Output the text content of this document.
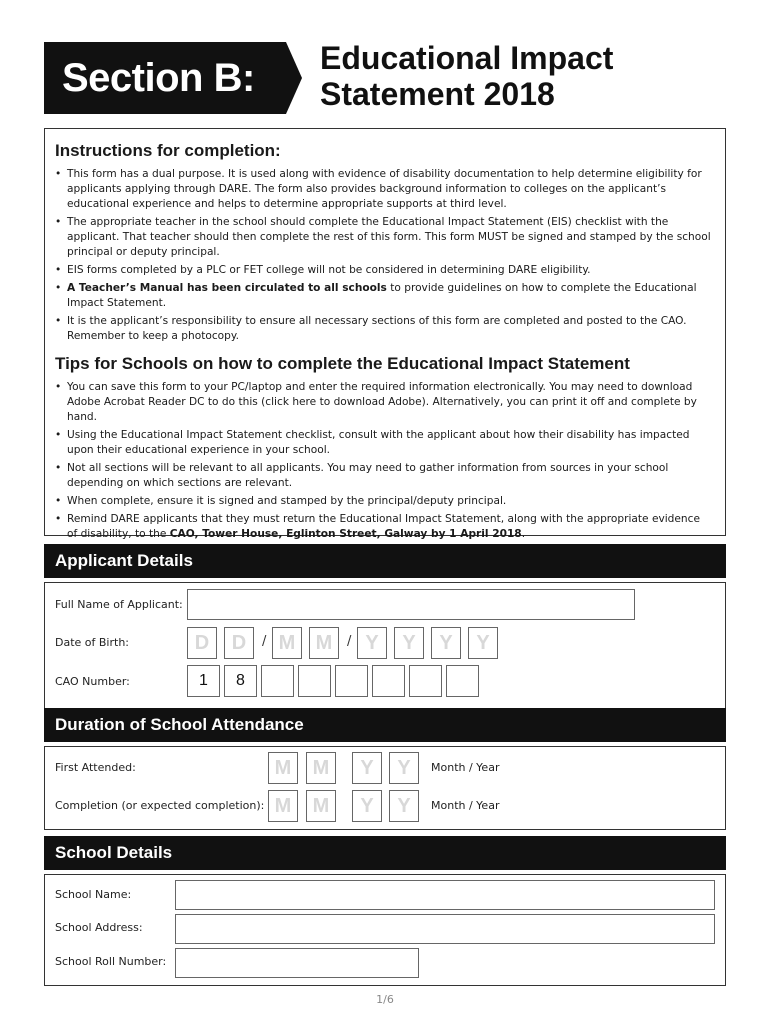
Section B:	Educational Impact
Statement 2018
Instructions for completion:
• This form has a dual purpose. It is used along with evidence of disability documentation to help determine eligibility for applicants applying through DARE. The form also provides background information to colleges on the applicant’s educational experience and helps to determine appropriate supports at third level.
• The appropriate teacher in the school should complete the Educational Impact Statement (EIS) checklist with the applicant. That teacher should then complete the rest of this form. This form MUST be signed and stamped by the school principal or deputy principal.
• EIS forms completed by a PLC or FET college will not be considered in determining DARE eligibility.
• A Teacher’s Manual has been circulated to all schools to provide guidelines on how to complete the Educational Impact Statement.
• It is the applicant’s responsibility to ensure all necessary sections of this form are completed and posted to the CAO. Remember to keep a photocopy.
Tips for Schools on how to complete the Educational Impact Statement
• You can save this form to your PC/laptop and enter the required information electronically. You may need to download Adobe Acrobat Reader DC to do this (click here to download Adobe). Alternatively, you can print it off and complete by hand.
• Using the Educational Impact Statement checklist, consult with the applicant about how their disability has impacted upon their educational experience in your school.
• Not all sections will be relevant to all applicants. You may need to gather information from sources in your school depending on which sections are relevant.
• When complete, ensure it is signed and stamped by the principal/deputy principal.
• Remind DARE applicants that they must return the Educational Impact Statement, along with the appropriate evidence of disability, to the CAO, Tower House, Eglinton Street, Galway by 1 April 2018.
Applicant Details
Full Name of Applicant:
Date of Birth:	D	D	/ M	M	/ Y	Y	Y	Y
CAO Number:	1	8
Duration of School Attendance
First Attended:	M	M	Y	Y	Month / Year
Completion (or expected completion): M	M	Y	Y	Month / Year
School Details
School Name:
School Address:
School Roll Number:
1/6
